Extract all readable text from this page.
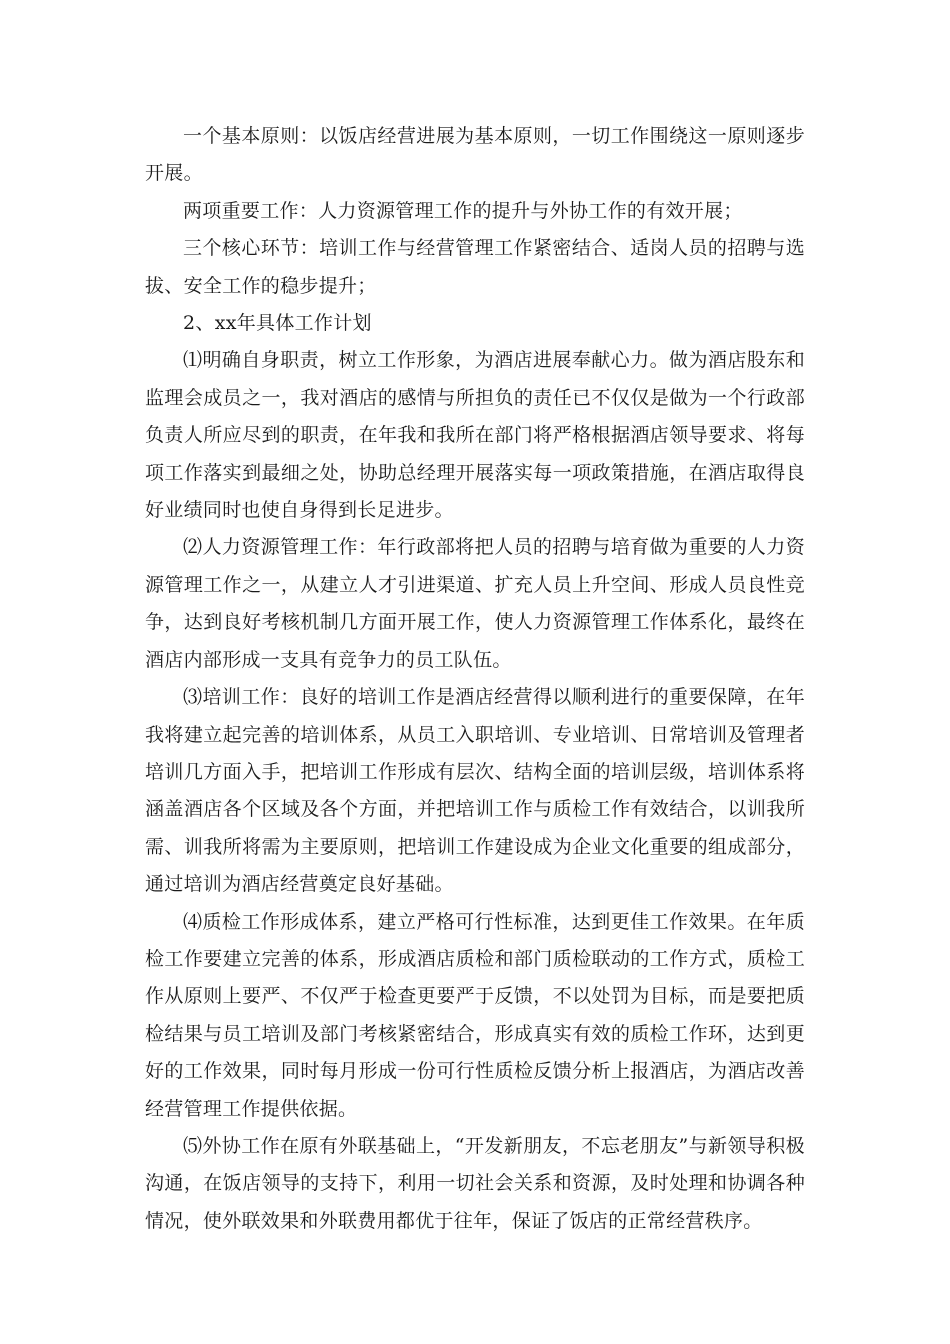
一个基本原则：以饭店经营进展为基本原则，一切工作围绕这一原则逐步开展。

两项重要工作：人力资源管理工作的提升与外协工作的有效开展；

三个核心环节：培训工作与经营管理工作紧密结合、适岗人员的招聘与选拔、安全工作的稳步提升；

2、xx年具体工作计划

⑴明确自身职责，树立工作形象，为酒店进展奉献心力。做为酒店股东和监理会成员之一，我对酒店的感情与所担负的责任已不仅仅是做为一个行政部负责人所应尽到的职责，在年我和我所在部门将严格根据酒店领导要求、将每项工作落实到最细之处，协助总经理开展落实每一项政策措施，在酒店取得良好业绩同时也使自身得到长足进步。

⑵人力资源管理工作：年行政部将把人员的招聘与培育做为重要的人力资源管理工作之一，从建立人才引进渠道、扩充人员上升空间、形成人员良性竞争，达到良好考核机制几方面开展工作，使人力资源管理工作体系化，最终在酒店内部形成一支具有竞争力的员工队伍。

⑶培训工作：良好的培训工作是酒店经营得以顺利进行的重要保障，在年我将建立起完善的培训体系，从员工入职培训、专业培训、日常培训及管理者培训几方面入手，把培训工作形成有层次、结构全面的培训层级，培训体系将涵盖酒店各个区域及各个方面，并把培训工作与质检工作有效结合，以训我所需、训我所将需为主要原则，把培训工作建设成为企业文化重要的组成部分，通过培训为酒店经营奠定良好基础。

⑷质检工作形成体系，建立严格可行性标准，达到更佳工作效果。在年质检工作要建立完善的体系，形成酒店质检和部门质检联动的工作方式，质检工作从原则上要严、不仅严于检查更要严于反馈，不以处罚为目标，而是要把质检结果与员工培训及部门考核紧密结合，形成真实有效的质检工作环，达到更好的工作效果，同时每月形成一份可行性质检反馈分析上报酒店，为酒店改善经营管理工作提供依据。

⑸外协工作在原有外联基础上，“开发新朋友，不忘老朋友”与新领导积极沟通，在饭店领导的支持下，利用一切社会关系和资源，及时处理和协调各种情况，使外联效果和外联费用都优于往年，保证了饭店的正常经营秩序。
